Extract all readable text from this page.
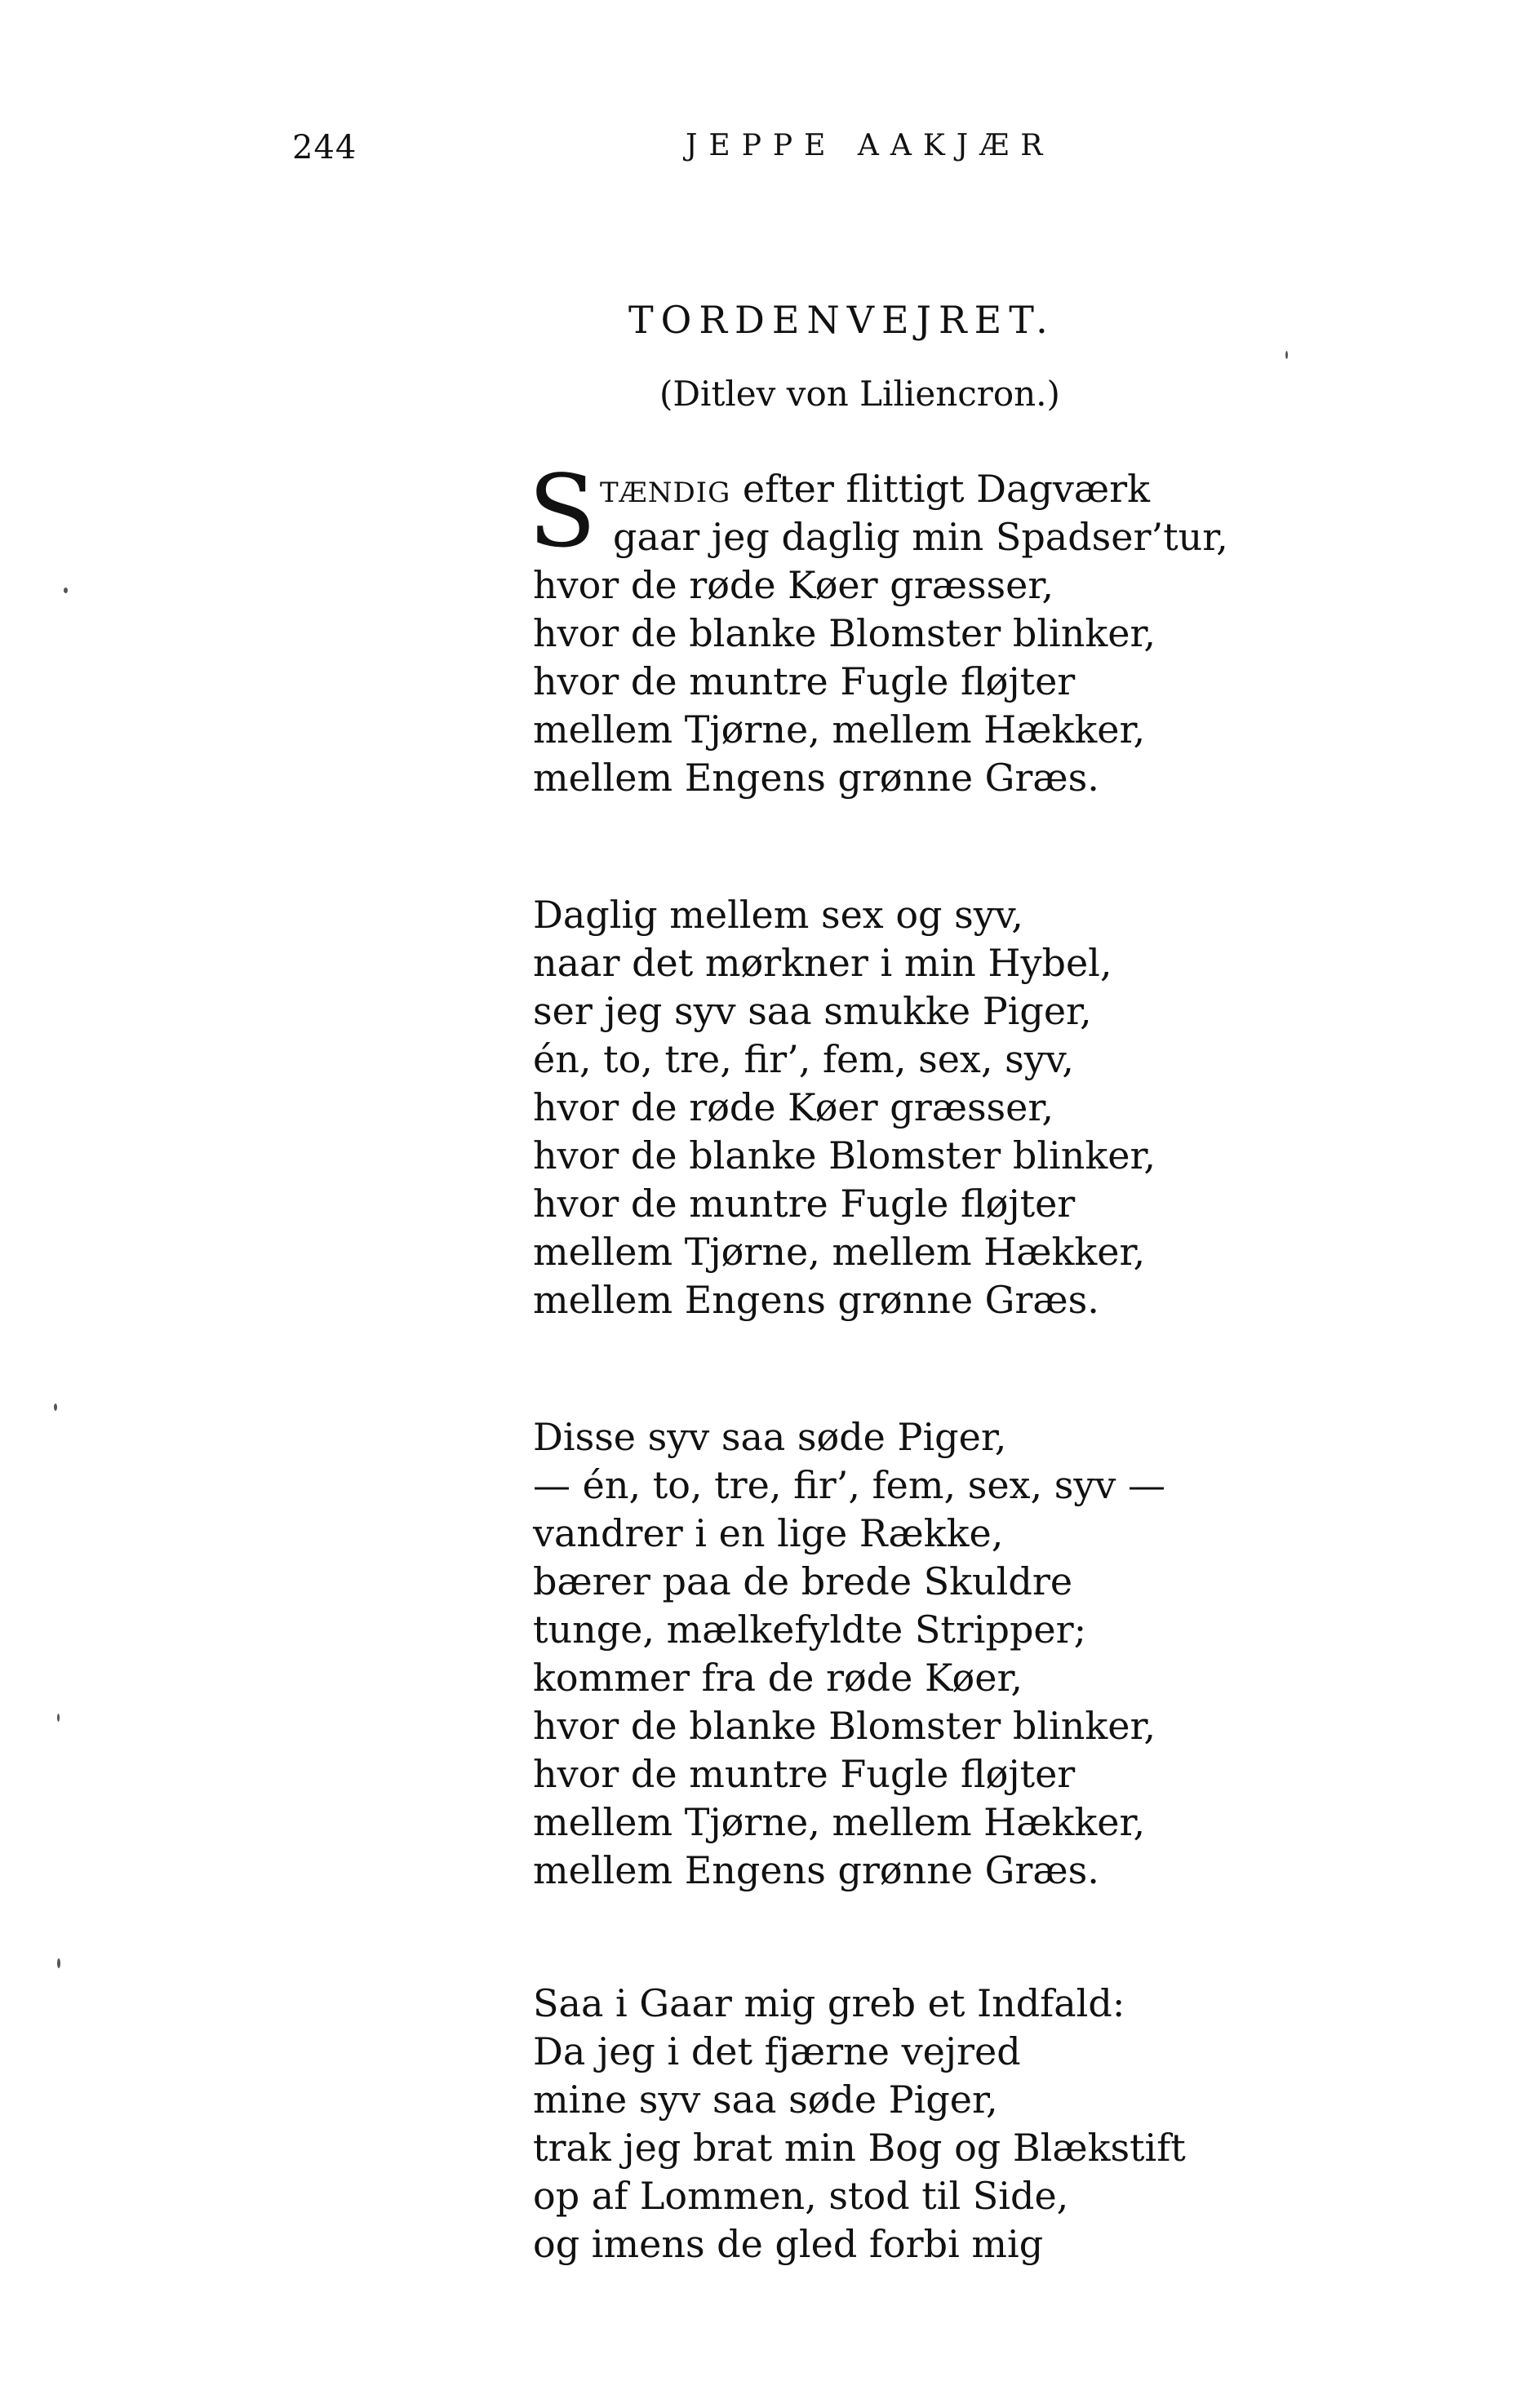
244	JEPPE AAKJÆR
TORDENVEJRET.
(Ditlev von Liliencron.)
S TÆNDIG efter flittigt Dagværk
gaar jeg daglig min Spadser’tur,
hvor de røde Køer græsser,
hvor de blanke Blomster blinker,
hvor de muntre Fugle fløjter
mellem Tjørne, mellem Hækker,
mellem Engens grønne Græs.
Daglig mellem sex og syv,
naar det mørkner i min Hybel,
ser jeg syv saa smukke Piger,
én, to, tre, fir’, fem, sex, syv,
hvor de røde Køer græsser,
hvor de blanke Blomster blinker,
hvor de muntre Fugle fløjter
mellem Tjørne, mellem Hækker,
mellem Engens grønne Græs.
Disse syv saa søde Piger,
— én, to, tre, fir’, fem, sex, syv —
vandrer i en lige Række,
bærer paa de brede Skuldre
tunge, mælkefyldte Stripper;
kommer fra de røde Køer,
hvor de blanke Blomster blinker,
hvor de muntre Fugle fløjter
mellem Tjørne, mellem Hækker,
mellem Engens grønne Græs.
Saa i Gaar mig greb et Indfald:
Da jeg i det fjærne vejred
mine syv saa søde Piger,
trak jeg brat min Bog og Blækstift
op af Lommen, stod til Side,
og imens de gled forbi mig
